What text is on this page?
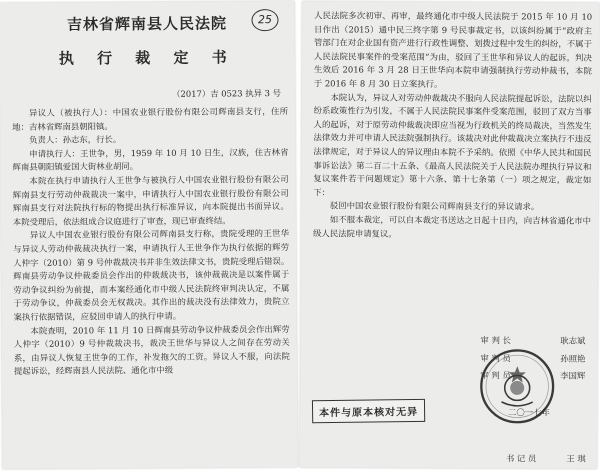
吉林省辉南县人民法院	25
执 行 裁 定 书
（2017）吉 0523 执异 3 号

异议人（被执行人）：中国农业银行股份有限公司辉南县支行，住所地：吉林省辉南县朝阳镇。

负责人：孙志东，行长。

申请执行人：王世争，男，1959 年 10 月 10 日生，汉族，住吉林省辉南县朝阳镇爱国大街林业胡同。

本院在执行申请执行人王世争与被执行人中国农业银行股份有限公司辉南县支行劳动仲裁裁决一案中，申请执行人中国农业银行股份有限公司辉南县支行对法院执行标的物提出执行标准异议，向本院提出书面异议。本院受理后，依法组成合议庭进行了审查，现已审查终结。

异议人中国农业银行股份有限公司辉南县支行称，贵院受理的王世华与异议人劳动仲裁裁决执行一案，申请执行人王世争作为执行依据的辉劳人仲字（2010）第 9 号仲裁裁决书并非生效法律文书，贵院受理后错误。辉南县劳动争议仲裁委员会作出的仲裁裁决书，该仲裁裁决是以案件属于劳动争议纠纷为前提，而本案经通化市中级人民法院终审判决认定，不属于劳动争议，仲裁委员会无权裁决。其作出的裁决没有法律效力，贵院立案执行依据错误，应驳回申请人的执行申请。

本院查明，2010 年 11 月 10 日辉南县劳动争议仲裁委员会作出辉劳人仲字（2010）9 号仲裁裁决书，裁决王世华与异议人之间存在劳动关系，由异议人恢复王世争的工作，补发拖欠的工资。异议人不服，向法院提起诉讼，经辉南县人民法院、通化市中级

人民法院多次初审、再审，最终通化市中级人民法院于 2015 年 10 月 10 日作出（2015）通中民三终字第 9 号民事裁定书，以该纠纷属于“政府主管部门在对企业国有资产进行行政性调整、划拨过程中发生的纠纷，不属于人民法院民事案件的受案范围”为由，驳回了王世华和异议人的起诉。判决生效后 2016 年 3 月 28 日王世华向本院申请强制执行劳动仲裁书，本院于 2016 年 8 月 30 日立案执行。

本院认为，异议人对劳动仲裁裁决不服向人民法院提起诉讼，法院以纠纷系政策性行为引发，不属于人民法院民事案件受案范围，驳回了双方当事人的起诉，对于原劳动仲裁裁决即应当视为行政机关的终局裁决，当然发生法律效力并可申请人民法院强制执行。该裁决对此仲裁裁决立案执行不违反法律规定，对于异议人的异议理由本院不予采纳。依照《中华人民共和国民事诉讼法》第二百二十五条、《最高人民法院关于人民法院办理执行异议和复议案件若干问题规定》第十六条、第十七条第（一）项之规定，裁定如下：

驳回中国农业银行股份有限公司辉南县支行的异议请求。

如不服本裁定，可以自本裁定书送达之日起十日内，向吉林省通化市中级人民法院申请复议。

审 判 长	耿志斌
审 判 员	孙照艳
审 判 员	李国辉
本件与原本核对无异	二〇一七年
书 记 员	王 琪
